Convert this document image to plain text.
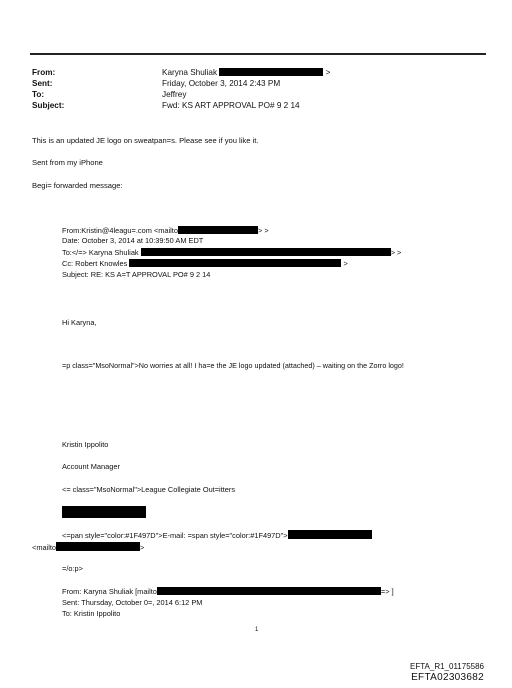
From:	Karyna Shuliak	>
Sent:	Friday, October 3, 2014 2:43 PM
To:	Jeffrey
Subject:	Fwd: KS ART APPROVAL PO# 9 2 14
This is an updated JE logo on sweatpan=s. Please see if you like it.
Sent from my iPhone
Begi= forwarded message:
From:Kristin@4leagu=.com <mailto	> >
Date: October 3, 2014 at 10:39:50 AM EDT
To:</=> Karyna Shuliak	> >
Cc: Robert Knowles	>
Subject: RE: KS A=T APPROVAL PO# 9 2 14
Hi Karyna,
=p class="MsoNormal">No worries at all! I ha=e the JE logo updated (attached) – waiting on the Zorro logo!
Kristin Ippolito
Account Manager
<= class="MsoNormal">League Collegiate Out=itters
<=pan style="color:#1F497D">E-mail: =span style="color:#1F497D">
<mailto	>
=/o:p>
From: Karyna Shuliak [mailto	=> ]
Sent: Thursday, October 0=, 2014 6:12 PM
To: Kristin Ippolito
1
EFTA_R1_01175586
EFTA02303682
